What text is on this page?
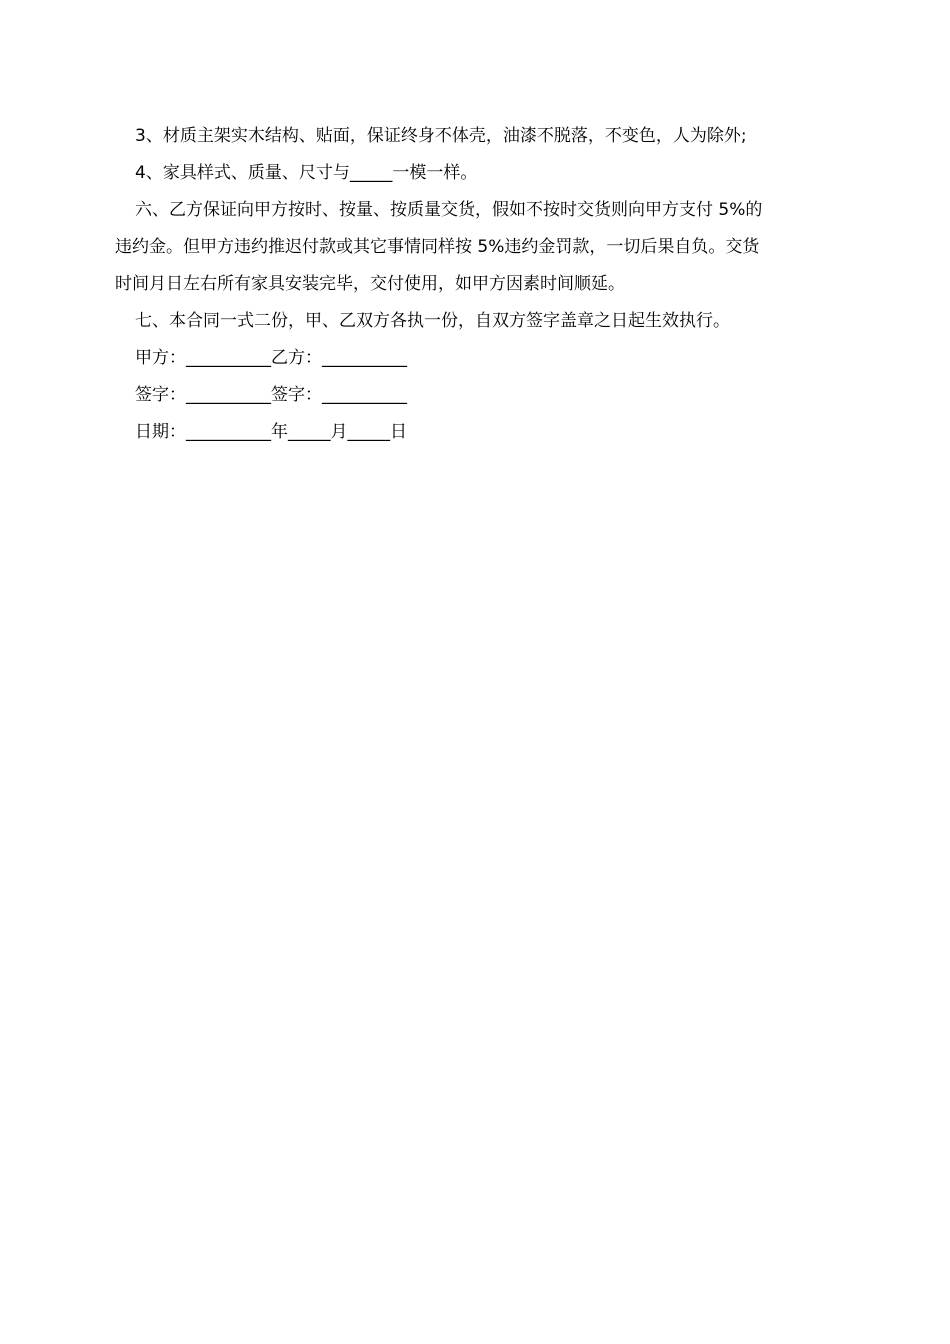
3、材质主架实木结构、贴面，保证终身不体壳，油漆不脱落，不变色，人为除外;

4、家具样式、质量、尺寸与_____一模一样。

六、乙方保证向甲方按时、按量、按质量交货，假如不按时交货则向甲方支付 5%的
违约金。但甲方违约推迟付款或其它事情同样按 5%违约金罚款，一切后果自负。交货
时间月日左右所有家具安装完毕，交付使用，如甲方因素时间顺延。

七、本合同一式二份，甲、乙双方各执一份，自双方签字盖章之日起生效执行。

甲方：__________乙方：__________

签字：__________签字：__________

日期：__________年_____月_____日
